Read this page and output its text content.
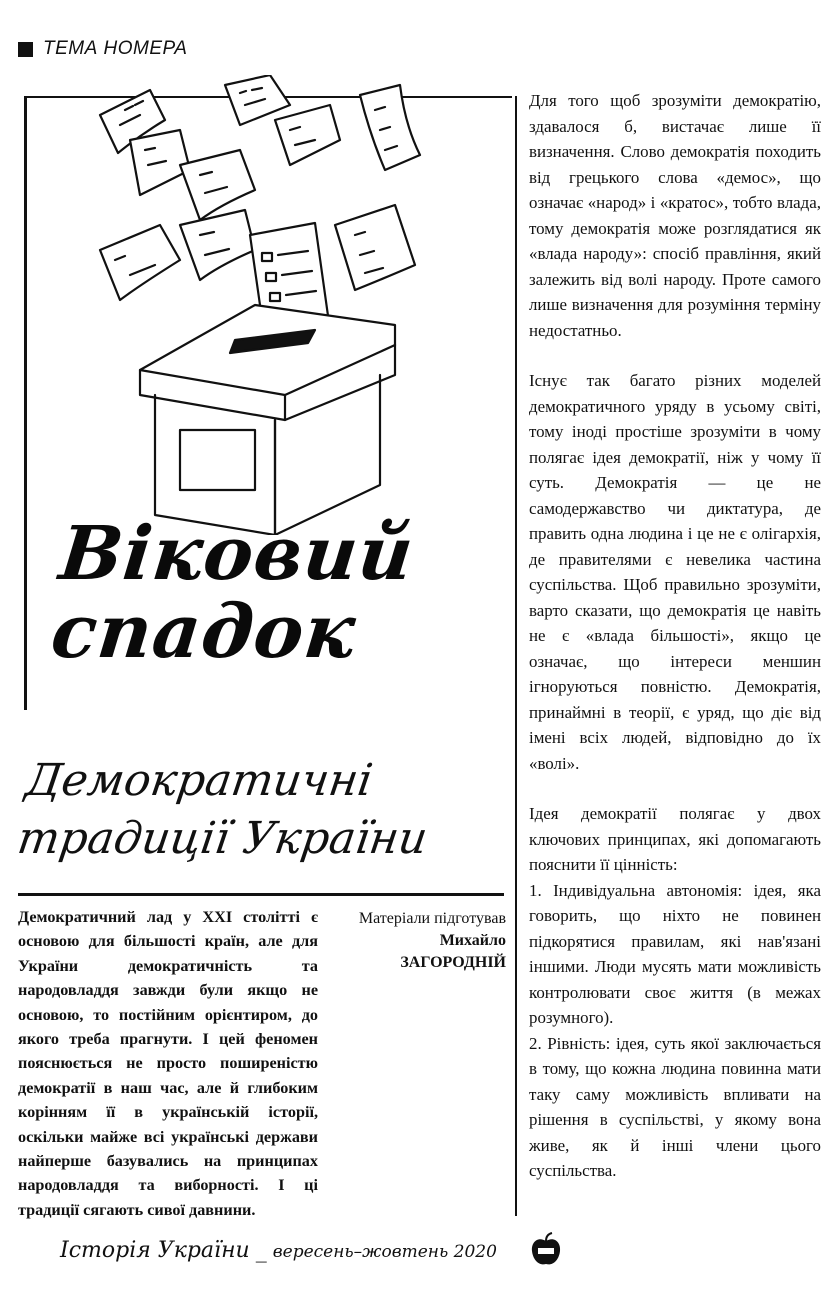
ТЕМА НОМЕРА
Віковий
спадок
Демократичні
традиції України
Демократичний лад у ХХІ столітті є основою для більшості країн, але для України демократичність та народовладдя завжди були якщо не основою, то постійним орієнтиром, до якого треба прагнути. І цей феномен пояснюється не просто поширеністю демократії в наш час, але й глибоким корінням її в українській історії, оскільки майже всі українські держави найперше базувались на принципах народовладдя та виборності. І ці традиції сягають сивої давнини.
Матеріали підготував
Михайло
ЗАГОРОДНІЙ

Для того щоб зрозуміти демократію, здавалося б, вистачає лише її визначення. Слово демократія походить від грецького слова «демос», що означає «народ» і «кратос», тобто влада, тому демократія може розглядатися як «влада народу»: спосіб правління, який залежить від волі народу. Проте самого лише визначення для розуміння терміну недостатньо.

Існує так багато різних моделей демократичного уряду в усьому світі, тому іноді простіше зрозуміти в чому полягає ідея демократії, ніж у чому її суть. Демократія — це не самодержавство чи диктатура, де править одна людина і це не є олігархія, де правителями є невелика частина суспільства. Щоб правильно зрозуміти, варто сказати, що демократія це навіть не є «влада більшості», якщо це означає, що інтереси меншин ігноруються повністю. Демократія, принаймні в теорії, є уряд, що діє від імені всіх людей, відповідно до їх «волі».

Ідея демократії полягає у двох ключових принципах, які допомагають пояснити її цінність:

1. Індивідуальна автономія: ідея, яка говорить, що ніхто не повинен підкорятися правилам, які нав'язані іншими. Люди мусять мати можливість контролювати своє життя (в межах розумного).

2. Рівність: ідея, суть якої заключається в тому, що кожна людина повинна мати таку саму можливість впливати на рішення в суспільстві, у якому вона живе, як й інші члени цього суспільства.

Історія України _ вересень–жовтень 2020
